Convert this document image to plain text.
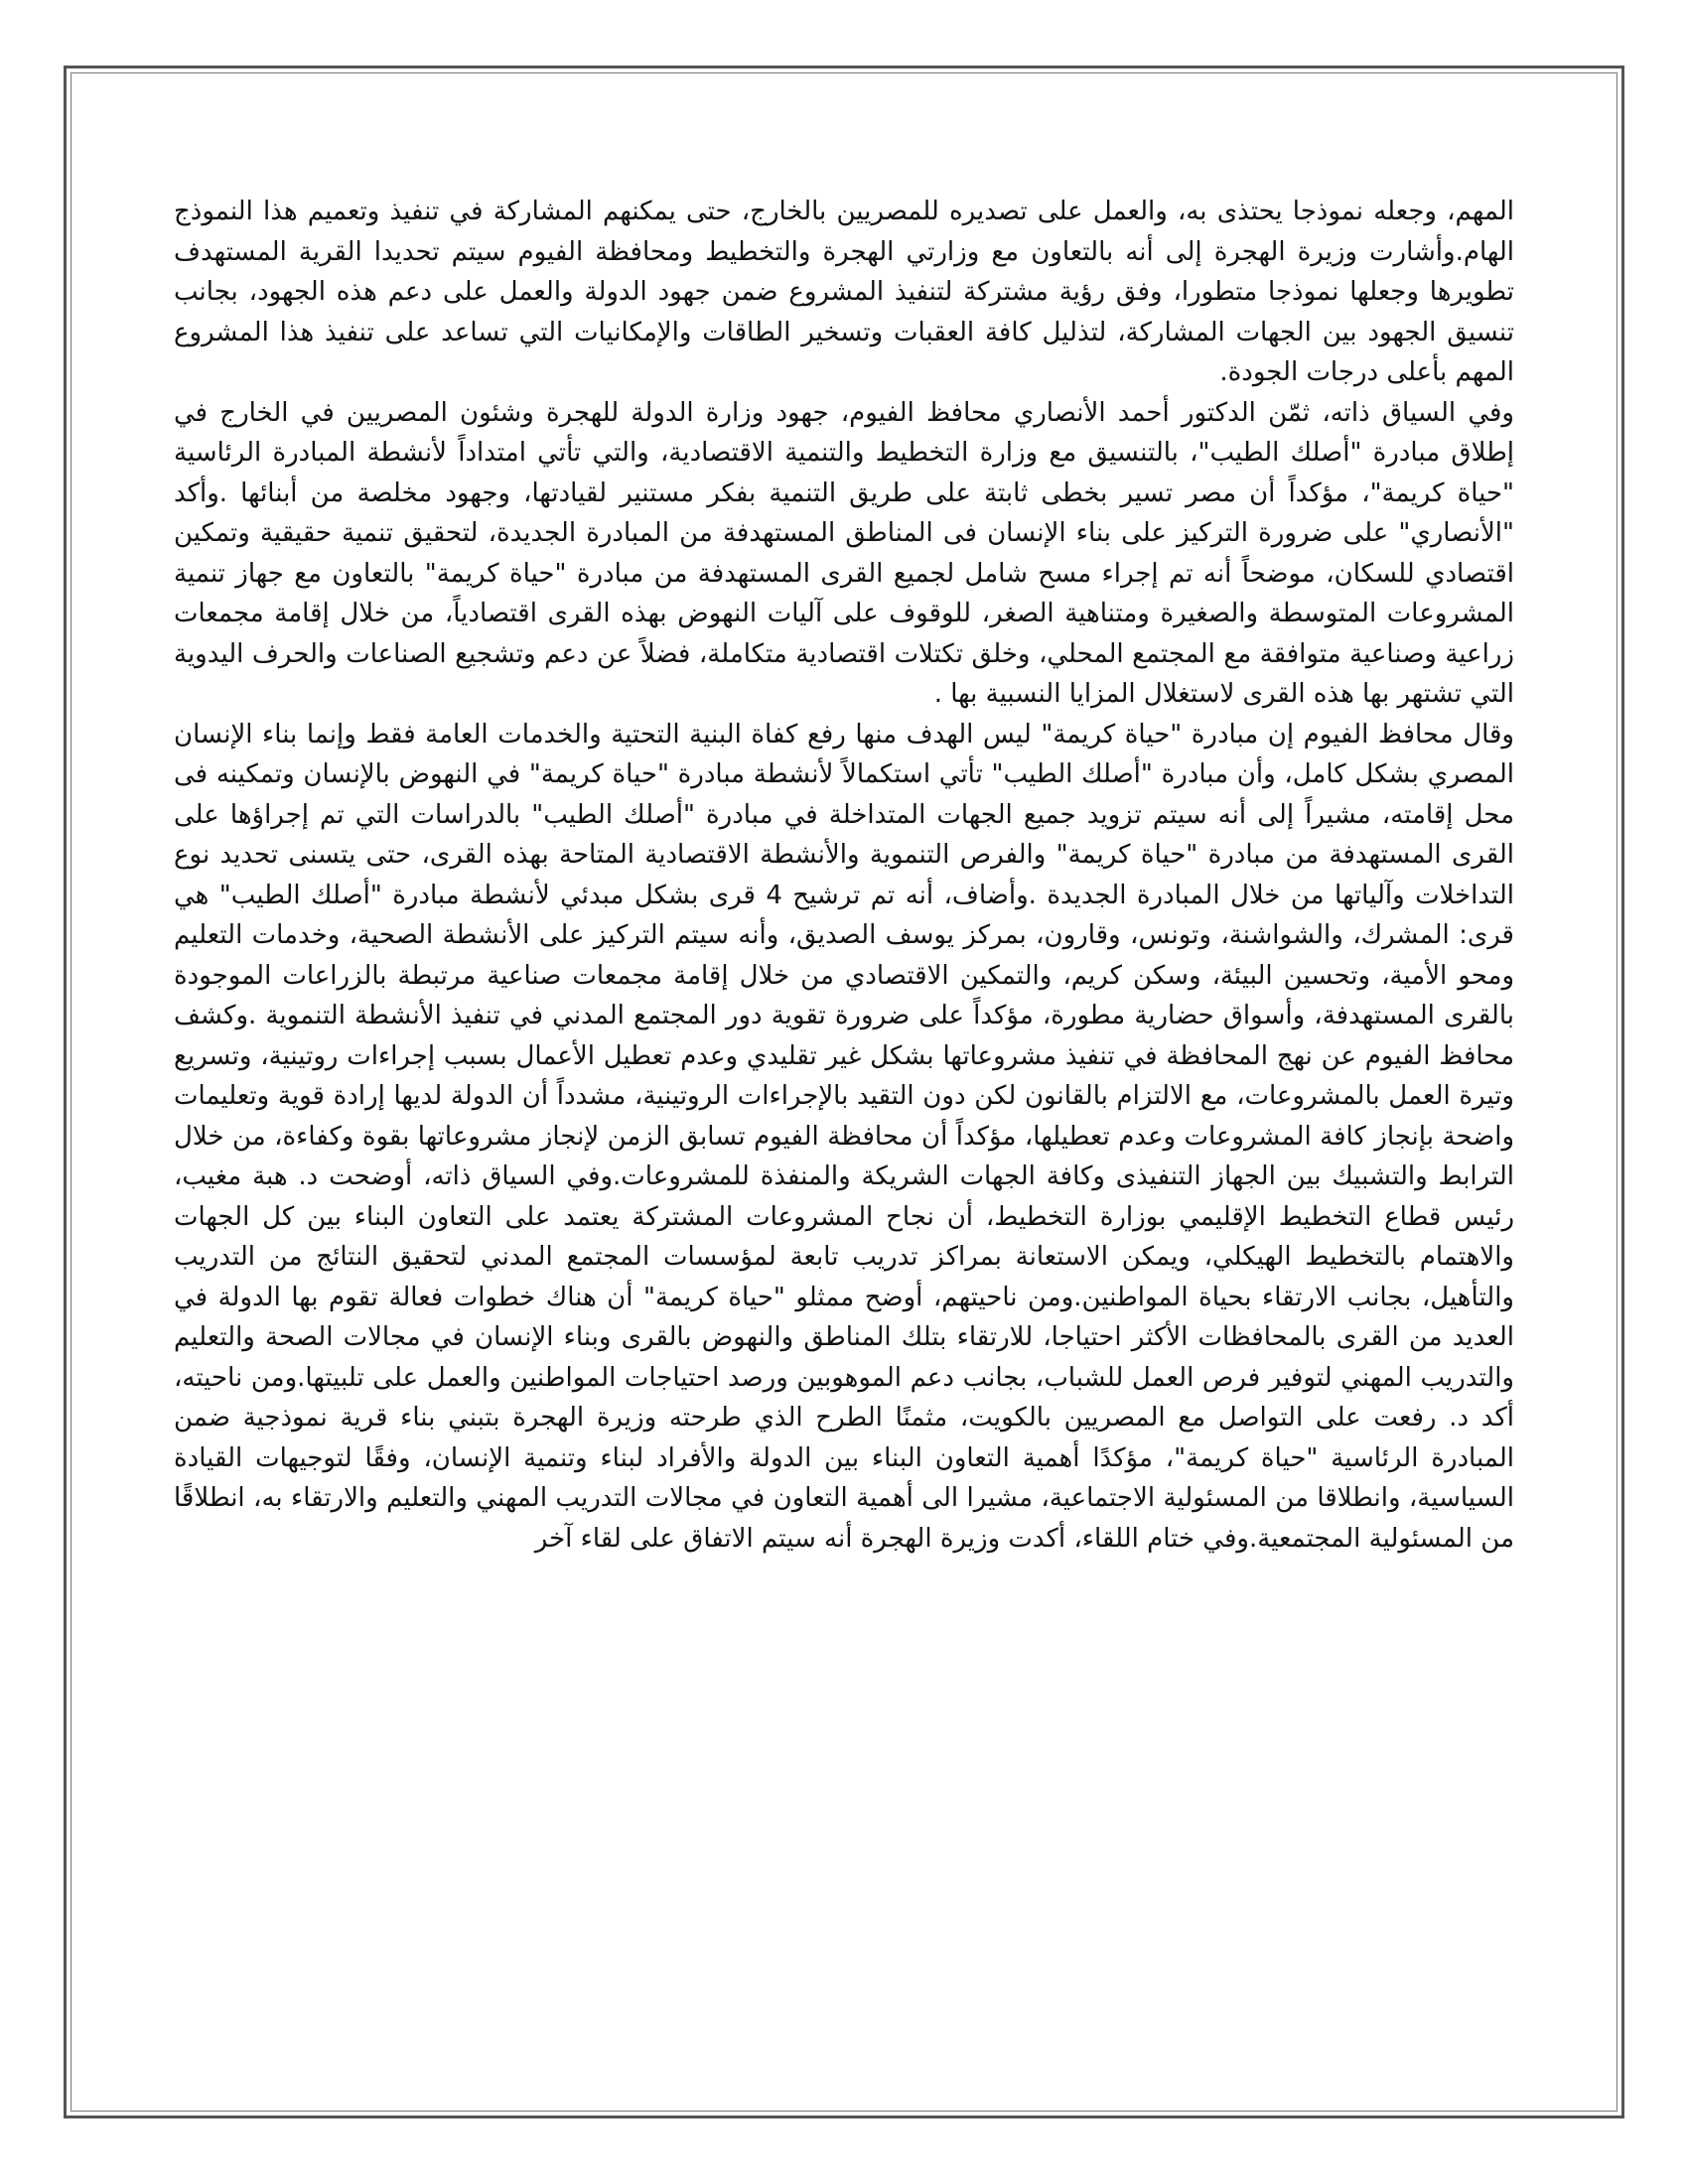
المهم، وجعله نموذجا يحتذى به، والعمل على تصديره للمصريين بالخارج، حتى يمكنهم المشاركة في تنفيذ وتعميم هذا النموذج الهام.وأشارت وزيرة الهجرة إلى أنه بالتعاون مع وزارتي الهجرة والتخطيط ومحافظة الفيوم سيتم تحديدا القرية المستهدف تطويرها وجعلها نموذجا متطورا، وفق رؤية مشتركة لتنفيذ المشروع ضمن جهود الدولة والعمل على دعم هذه الجهود، بجانب تنسيق الجهود بين الجهات المشاركة، لتذليل كافة العقبات وتسخير الطاقات والإمكانيات التي تساعد على تنفيذ هذا المشروع المهم بأعلى درجات الجودة.

وفي السياق ذاته، ثمّن الدكتور أحمد الأنصاري محافظ الفيوم، جهود وزارة الدولة للهجرة وشئون المصريين في الخارج في إطلاق مبادرة "أصلك الطيب"، بالتنسيق مع وزارة التخطيط والتنمية الاقتصادية، والتي تأتي امتداداً لأنشطة المبادرة الرئاسية "حياة كريمة"، مؤكداً أن مصر تسير بخطى ثابتة على طريق التنمية بفكر مستنير لقيادتها، وجهود مخلصة من أبنائها .وأكد "الأنصاري" على ضرورة التركيز على بناء الإنسان فى المناطق المستهدفة من المبادرة الجديدة، لتحقيق تنمية حقيقية وتمكين اقتصادي للسكان، موضحاً أنه تم إجراء مسح شامل لجميع القرى المستهدفة من مبادرة "حياة كريمة" بالتعاون مع جهاز تنمية المشروعات المتوسطة والصغيرة ومتناهية الصغر، للوقوف على آليات النهوض بهذه القرى اقتصادياً، من خلال إقامة مجمعات زراعية وصناعية متوافقة مع المجتمع المحلي، وخلق تكتلات اقتصادية متكاملة، فضلاً عن دعم وتشجيع الصناعات والحرف اليدوية التي تشتهر بها هذه القرى لاستغلال المزايا النسبية بها .

وقال محافظ الفيوم إن مبادرة "حياة كريمة" ليس الهدف منها رفع كفاة البنية التحتية والخدمات العامة فقط وإنما بناء الإنسان المصري بشكل كامل، وأن مبادرة "أصلك الطيب" تأتي استكمالاً لأنشطة مبادرة "حياة كريمة" في النهوض بالإنسان وتمكينه فى محل إقامته، مشيراً إلى أنه سيتم تزويد جميع الجهات المتداخلة في مبادرة "أصلك الطيب" بالدراسات التي تم إجراؤها على القرى المستهدفة من مبادرة "حياة كريمة" والفرص التنموية والأنشطة الاقتصادية المتاحة بهذه القرى، حتى يتسنى تحديد نوع التداخلات وآلياتها من خلال المبادرة الجديدة .وأضاف، أنه تم ترشيح 4 قرى بشكل مبدئي لأنشطة مبادرة "أصلك الطيب" هي قرى: المشرك، والشواشنة، وتونس، وقارون، بمركز يوسف الصديق، وأنه سيتم التركيز على الأنشطة الصحية، وخدمات التعليم ومحو الأمية، وتحسين البيئة، وسكن كريم، والتمكين الاقتصادي من خلال إقامة مجمعات صناعية مرتبطة بالزراعات الموجودة بالقرى المستهدفة، وأسواق حضارية مطورة، مؤكداً على ضرورة تقوية دور المجتمع المدني في تنفيذ الأنشطة التنموية .وكشف محافظ الفيوم عن نهج المحافظة في تنفيذ مشروعاتها بشكل غير تقليدي وعدم تعطيل الأعمال بسبب إجراءات روتينية، وتسريع وتيرة العمل بالمشروعات، مع الالتزام بالقانون لكن دون التقيد بالإجراءات الروتينية، مشدداً أن الدولة لديها إرادة قوية وتعليمات واضحة بإنجاز كافة المشروعات وعدم تعطيلها، مؤكداً أن محافظة الفيوم تسابق الزمن لإنجاز مشروعاتها بقوة وكفاءة، من خلال الترابط والتشبيك بين الجهاز التنفيذى وكافة الجهات الشريكة والمنفذة للمشروعات.وفي السياق ذاته، أوضحت د. هبة مغيب، رئيس قطاع التخطيط الإقليمي بوزارة التخطيط، أن نجاح المشروعات المشتركة يعتمد على التعاون البناء بين كل الجهات والاهتمام بالتخطيط الهيكلي، ويمكن الاستعانة بمراكز تدريب تابعة لمؤسسات المجتمع المدني لتحقيق النتائج من التدريب والتأهيل، بجانب الارتقاء بحياة المواطنين.ومن ناحيتهم، أوضح ممثلو "حياة كريمة" أن هناك خطوات فعالة تقوم بها الدولة في العديد من القرى بالمحافظات الأكثر احتياجا، للارتقاء بتلك المناطق والنهوض بالقرى وبناء الإنسان في مجالات الصحة والتعليم والتدريب المهني لتوفير فرص العمل للشباب، بجانب دعم الموهوبين ورصد احتياجات المواطنين والعمل على تلبيتها.ومن ناحيته، أكد د. رفعت على التواصل مع المصريين بالكويت، مثمنًا الطرح الذي طرحته وزيرة الهجرة بتبني بناء قرية نموذجية ضمن المبادرة الرئاسية "حياة كريمة"، مؤكدًا أهمية التعاون البناء بين الدولة والأفراد لبناء وتنمية الإنسان، وفقًا لتوجيهات القيادة السياسية، وانطلاقا من المسئولية الاجتماعية، مشيرا الى أهمية التعاون في مجالات التدريب المهني والتعليم والارتقاء به، انطلاقًا من المسئولية المجتمعية.وفي ختام اللقاء، أكدت وزيرة الهجرة أنه سيتم الاتفاق على لقاء آخر
